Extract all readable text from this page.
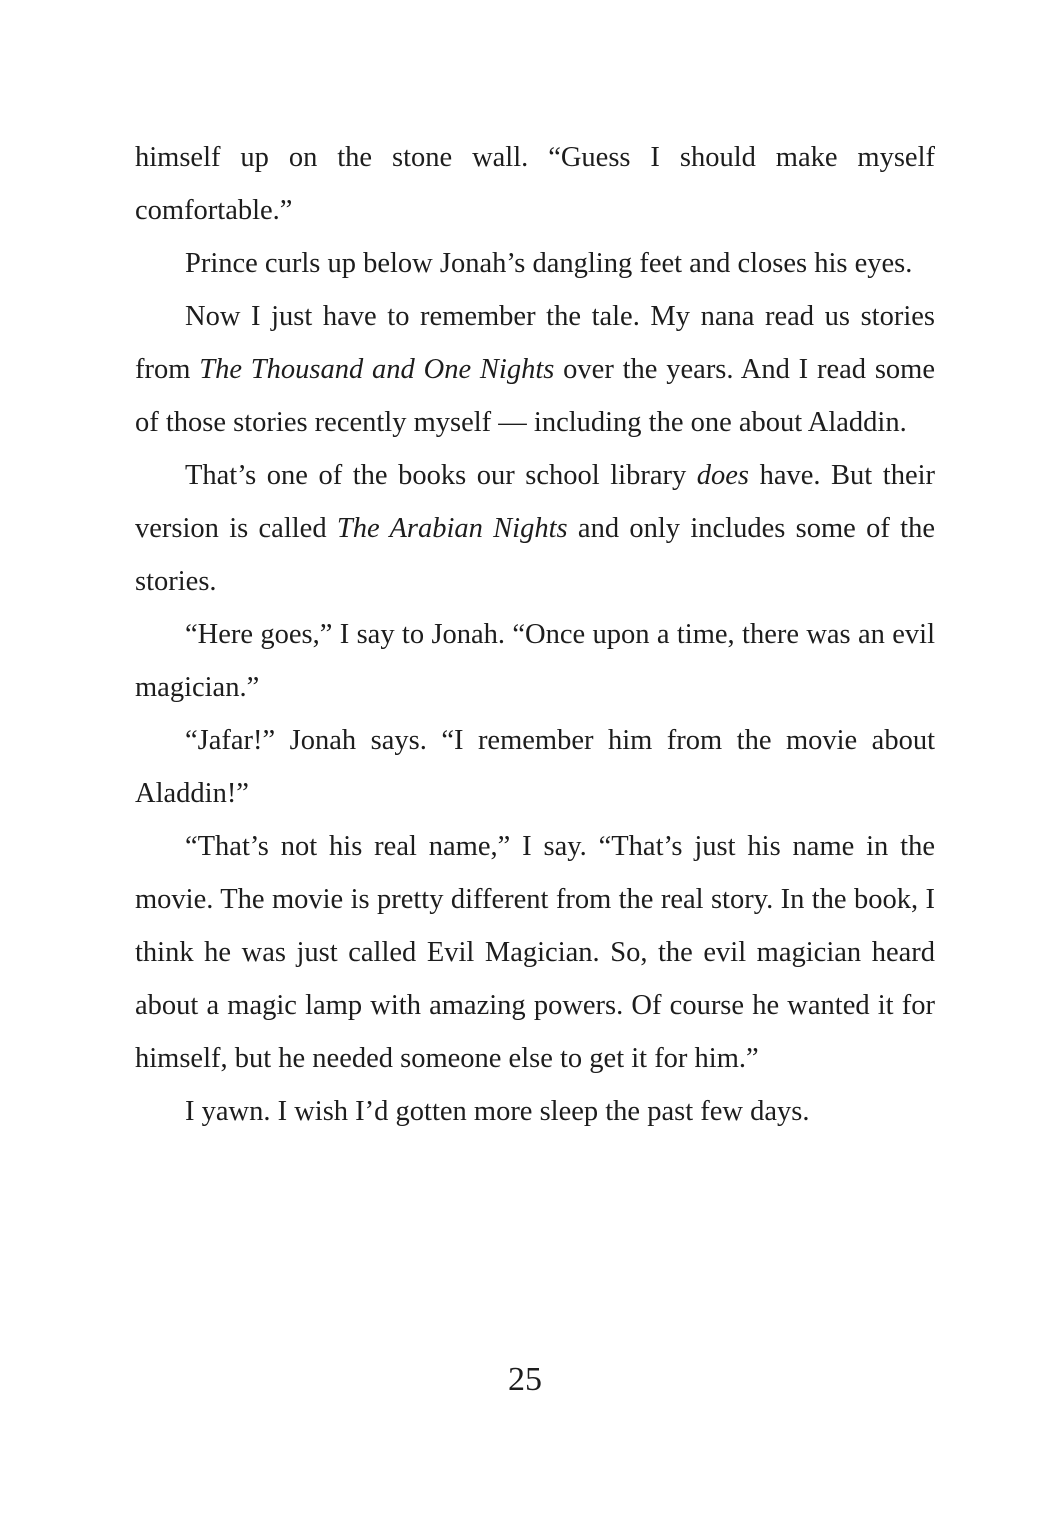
himself up on the stone wall. “Guess I should make myself comfortable.”

Prince curls up below Jonah’s dangling feet and closes his eyes.

Now I just have to remember the tale. My nana read us stories from The Thousand and One Nights over the years. And I read some of those stories recently myself — including the one about Aladdin.

That’s one of the books our school library does have. But their version is called The Arabian Nights and only includes some of the stories.

“Here goes,” I say to Jonah. “Once upon a time, there was an evil magician.”

“Jafar!” Jonah says. “I remember him from the movie about Aladdin!”

“That’s not his real name,” I say. “That’s just his name in the movie. The movie is pretty different from the real story. In the book, I think he was just called Evil Magician. So, the evil magician heard about a magic lamp with amazing powers. Of course he wanted it for himself, but he needed someone else to get it for him.”

I yawn. I wish I’d gotten more sleep the past few days.

25
